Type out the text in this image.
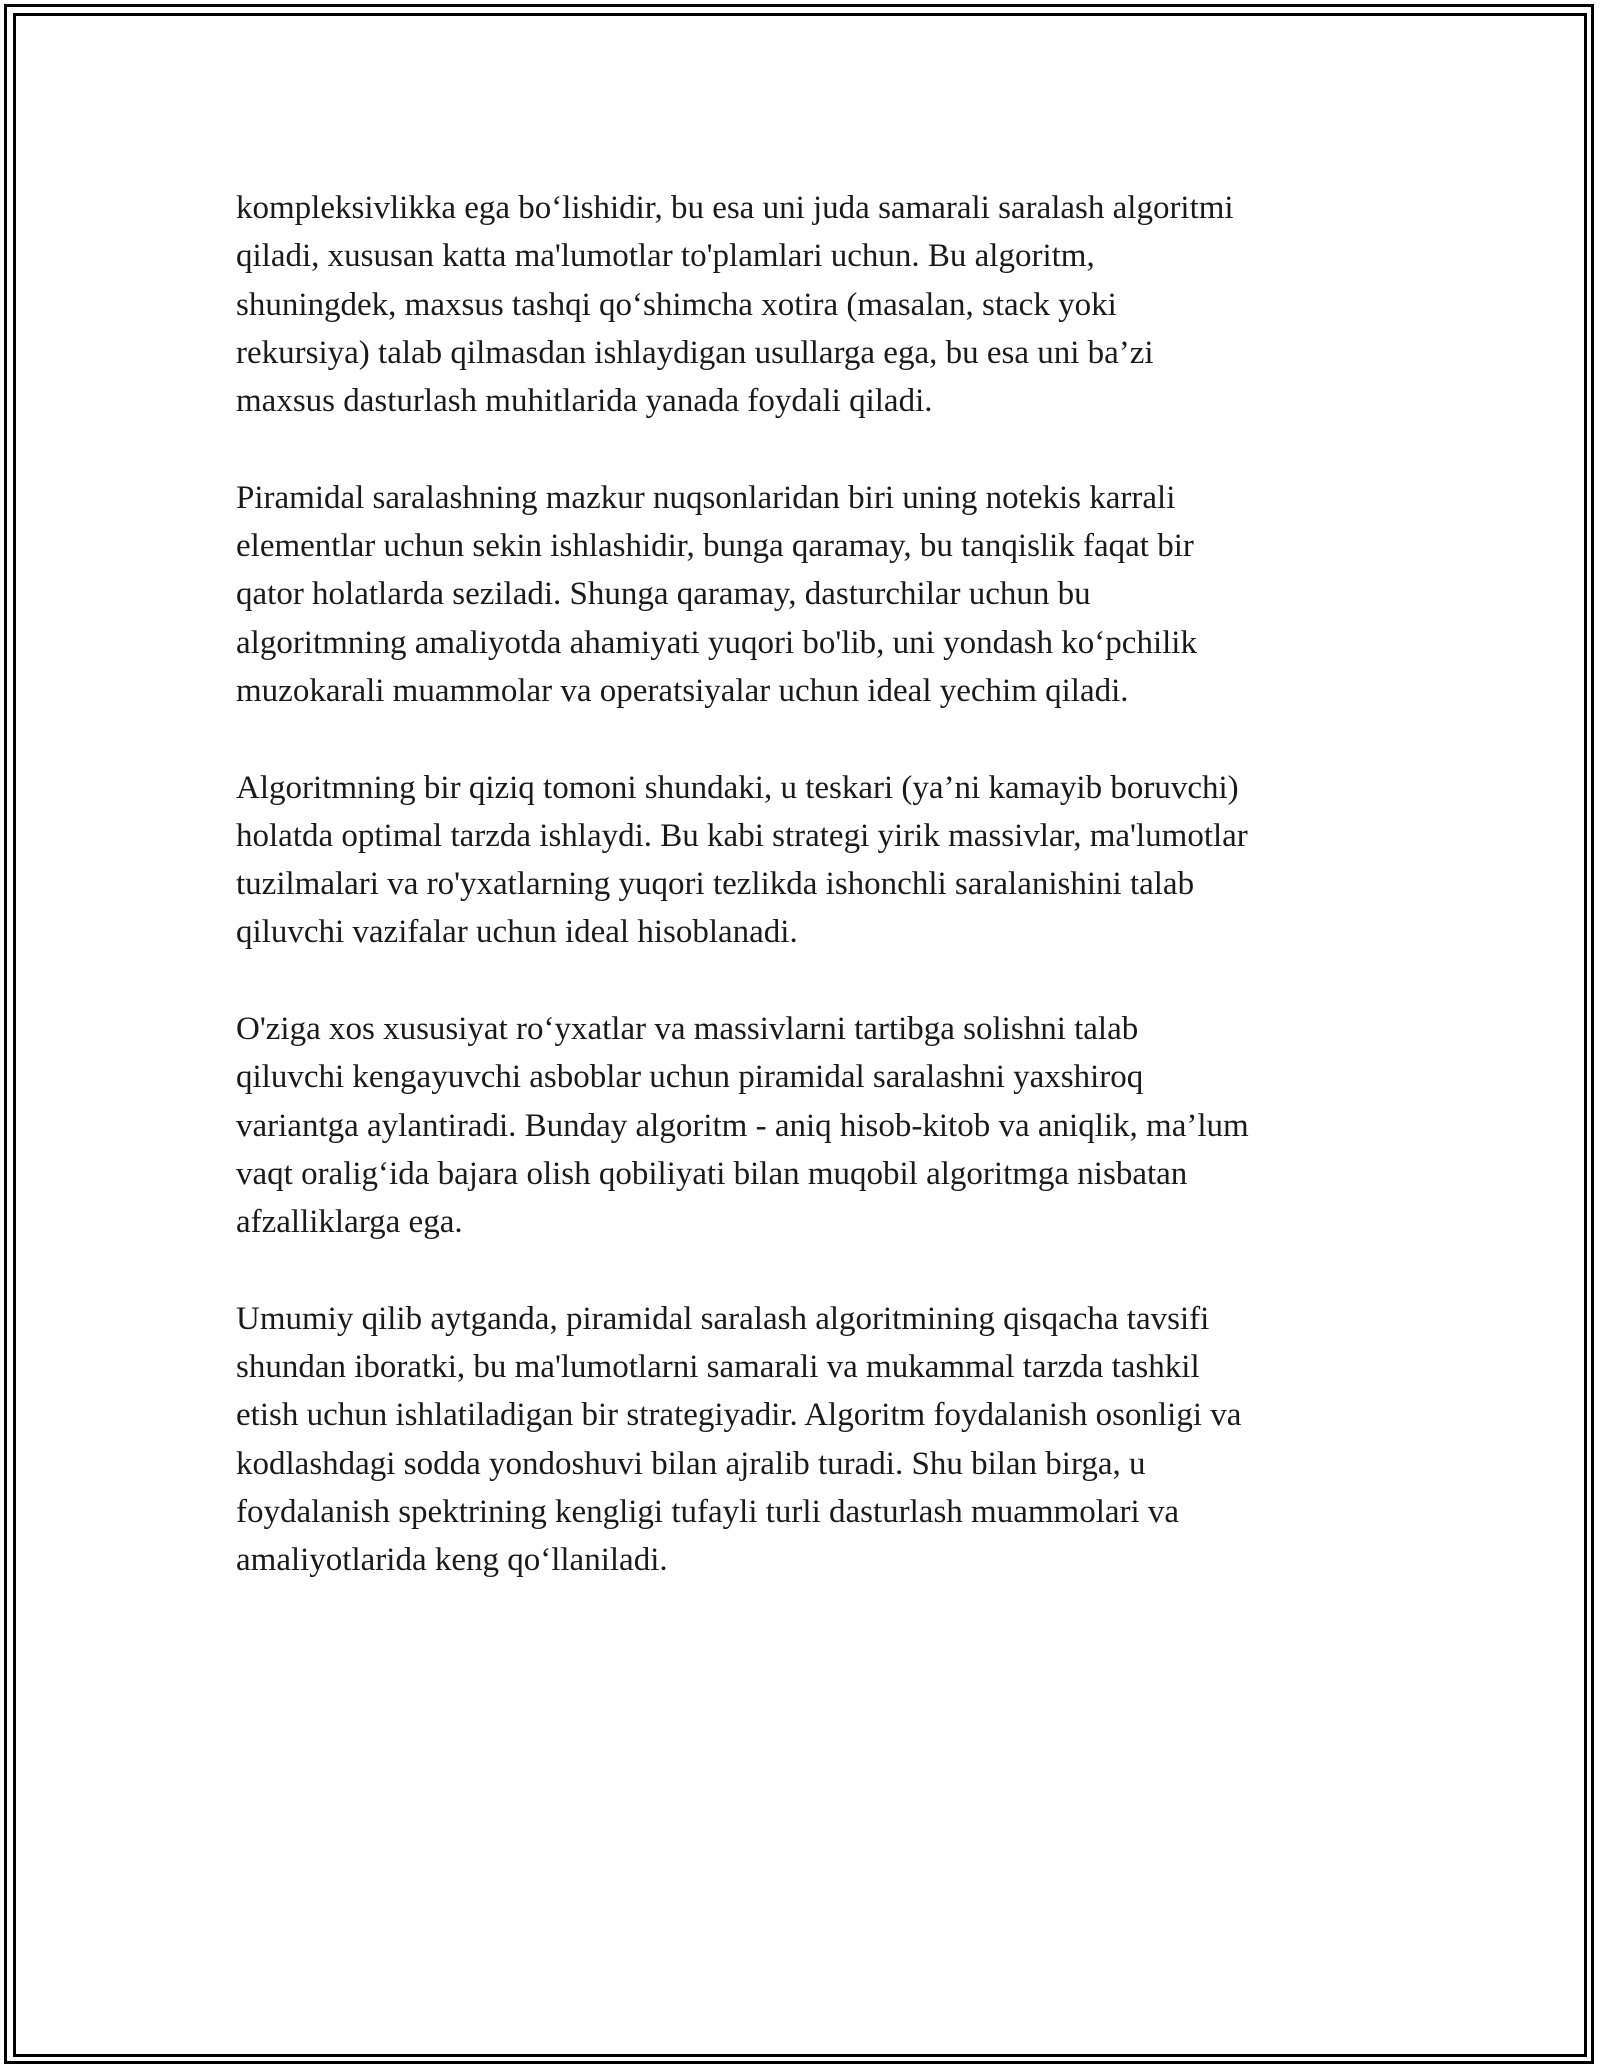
kompleksivlikka ega bo‘lishidir, bu esa uni juda samarali saralash algoritmi
qiladi, xususan katta ma'lumotlar to'plamlari uchun. Bu algoritm,
shuningdek, maxsus tashqi qo‘shimcha xotira (masalan, stack yoki
rekursiya) talab qilmasdan ishlaydigan usullarga ega, bu esa uni ba’zi
maxsus dasturlash muhitlarida yanada foydali qiladi.

Piramidal saralashning mazkur nuqsonlaridan biri uning notekis karrali
elementlar uchun sekin ishlashidir, bunga qaramay, bu tanqislik faqat bir
qator holatlarda seziladi. Shunga qaramay, dasturchilar uchun bu
algoritmning amaliyotda ahamiyati yuqori bo'lib, uni yondash ko‘pchilik
muzokarali muammolar va operatsiyalar uchun ideal yechim qiladi.

Algoritmning bir qiziq tomoni shundaki, u teskari (ya’ni kamayib boruvchi)
holatda optimal tarzda ishlaydi. Bu kabi strategi yirik massivlar, ma'lumotlar
tuzilmalari va ro'yxatlarning yuqori tezlikda ishonchli saralanishini talab
qiluvchi vazifalar uchun ideal hisoblanadi.

O'ziga xos xususiyat ro‘yxatlar va massivlarni tartibga solishni talab
qiluvchi kengayuvchi asboblar uchun piramidal saralashni yaxshiroq
variantga aylantiradi. Bunday algoritm - aniq hisob-kitob va aniqlik, ma’lum
vaqt oralig‘ida bajara olish qobiliyati bilan muqobil algoritmga nisbatan
afzalliklarga ega.

Umumiy qilib aytganda, piramidal saralash algoritmining qisqacha tavsifi
shundan iboratki, bu ma'lumotlarni samarali va mukammal tarzda tashkil
etish uchun ishlatiladigan bir strategiyadir. Algoritm foydalanish osonligi va
kodlashdagi sodda yondoshuvi bilan ajralib turadi. Shu bilan birga, u
foydalanish spektrining kengligi tufayli turli dasturlash muammolari va
amaliyotlarida keng qo‘llaniladi.
